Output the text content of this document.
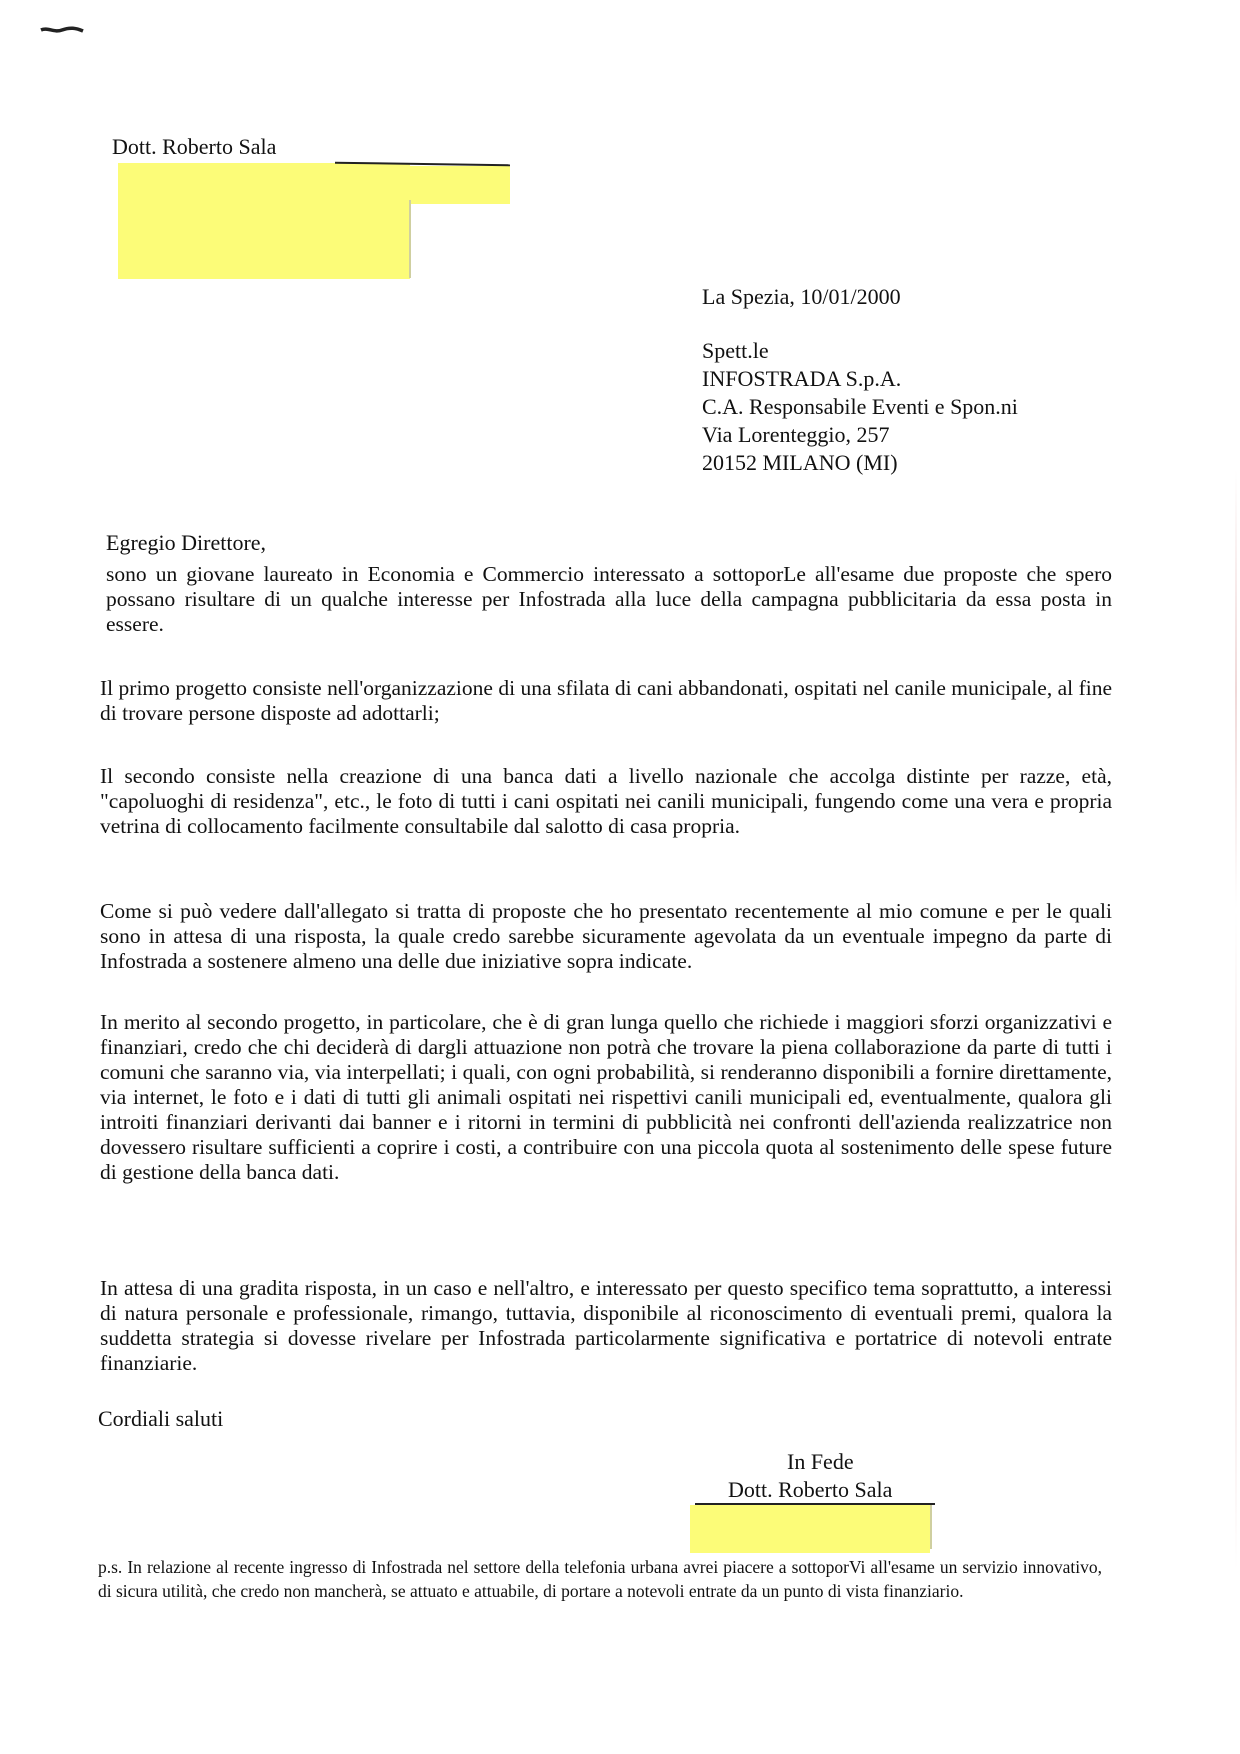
Dott. Roberto Sala
La Spezia, 10/01/2000
Spett.le
INFOSTRADA S.p.A.
C.A. Responsabile Eventi e Spon.ni
Via Lorenteggio, 257
20152 MILANO (MI)
Egregio Direttore,
sono un giovane laureato in Economia e Commercio interessato a sottoporLe all'esame due proposte che spero possano risultare di un qualche interesse per Infostrada alla luce della campagna pubblicitaria da essa posta in essere.
Il primo progetto consiste nell'organizzazione di una sfilata di cani abbandonati, ospitati nel canile municipale, al fine di trovare persone disposte ad adottarli;
Il secondo consiste nella creazione di una banca dati a livello nazionale che accolga distinte per razze, età, "capoluoghi di residenza", etc., le foto di tutti i cani ospitati nei canili municipali, fungendo come una vera e propria vetrina di collocamento facilmente consultabile dal salotto di casa propria.
Come si può vedere dall'allegato si tratta di proposte che ho presentato recentemente al mio comune e per le quali sono in attesa di una risposta, la quale credo sarebbe sicuramente agevolata da un eventuale impegno da parte di Infostrada a sostenere almeno una delle due iniziative sopra indicate.
In merito al secondo progetto, in particolare, che è di gran lunga quello che richiede i maggiori sforzi organizzativi e finanziari, credo che chi deciderà di dargli attuazione non potrà che trovare la piena collaborazione da parte di tutti i comuni che saranno via, via interpellati; i quali, con ogni probabilità, si renderanno disponibili a fornire direttamente, via internet, le foto e i dati di tutti gli animali ospitati nei rispettivi canili municipali ed, eventualmente, qualora gli introiti finanziari derivanti dai banner e i ritorni in termini di pubblicità nei confronti dell'azienda realizzatrice non dovessero risultare sufficienti a coprire i costi, a contribuire con una piccola quota al sostenimento delle spese future di gestione della banca dati.
In attesa di una gradita risposta, in un caso e nell'altro, e interessato per questo specifico tema soprattutto, a interessi di natura personale e professionale, rimango, tuttavia, disponibile al riconoscimento di eventuali premi, qualora la suddetta strategia si dovesse rivelare per Infostrada particolarmente significativa e portatrice di notevoli entrate finanziarie.
Cordiali saluti
In Fede
Dott. Roberto Sala
p.s. In relazione al recente ingresso di Infostrada nel settore della telefonia urbana avrei piacere a sottoporVi all'esame un servizio innovativo, di sicura utilità, che credo non mancherà, se attuato e attuabile, di portare a notevoli entrate da un punto di vista finanziario.
